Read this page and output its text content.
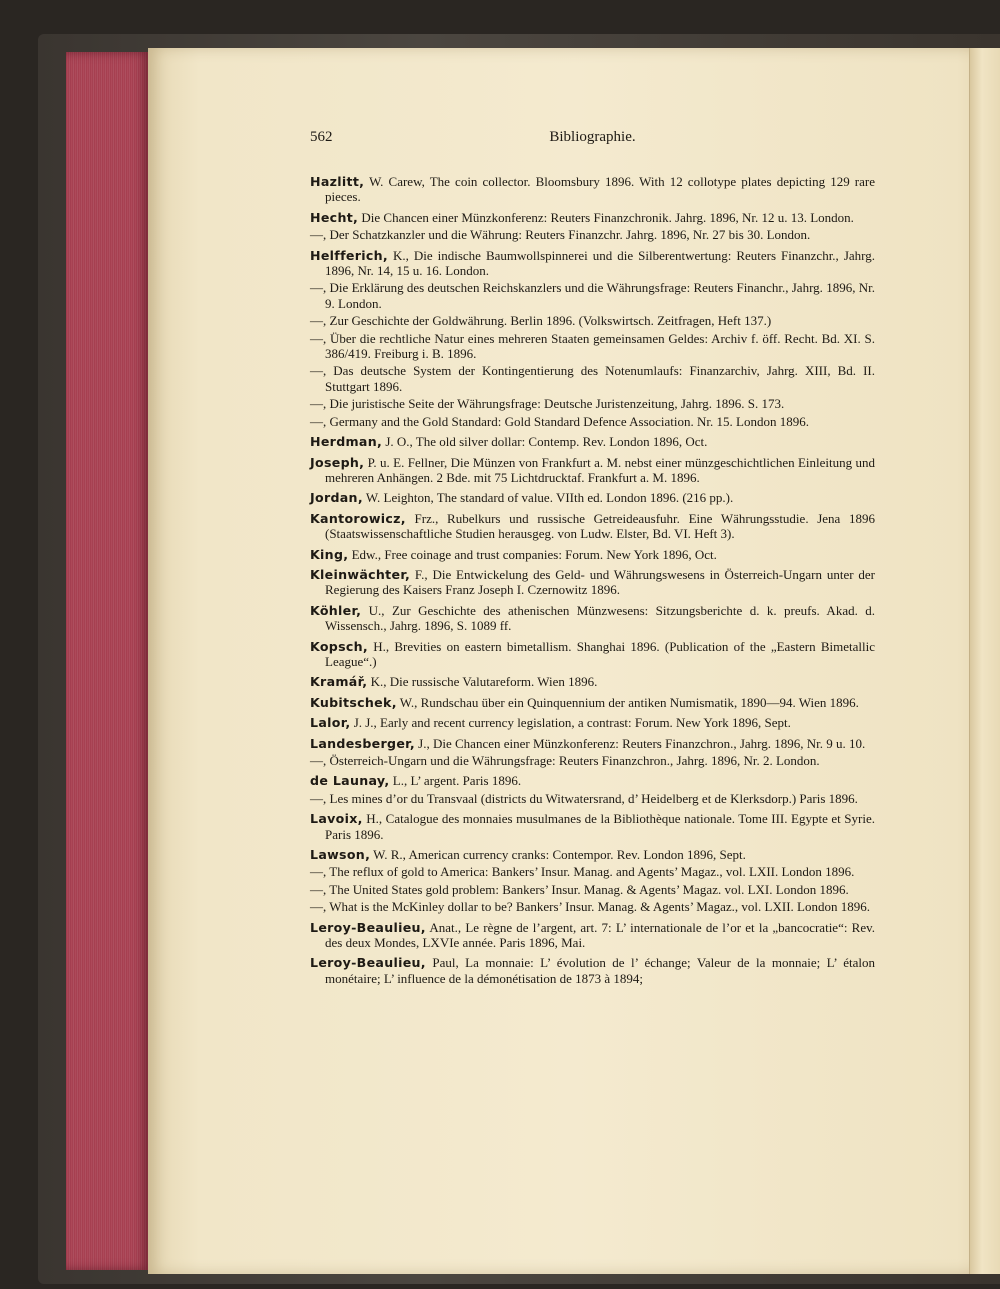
562	Bibliographie.

Hazlitt, W. Carew, The coin collector. Bloomsbury 1896. With 12 collotype plates depicting 129 rare pieces.

Hecht, Die Chancen einer Münzkonferenz: Reuters Finanzchronik. Jahrg. 1896, Nr. 12 u. 13. London.

—, Der Schatzkanzler und die Währung: Reuters Finanzchr. Jahrg. 1896, Nr. 27 bis 30. London.

Helfferich, K., Die indische Baumwollspinnerei und die Silberentwertung: Reuters Finanzchr., Jahrg. 1896, Nr. 14, 15 u. 16. London.

—, Die Erklärung des deutschen Reichskanzlers und die Währungsfrage: Reuters Financhr., Jahrg. 1896, Nr. 9. London.

—, Zur Geschichte der Goldwährung. Berlin 1896. (Volkswirtsch. Zeitfragen, Heft 137.)

—, Über die rechtliche Natur eines mehreren Staaten gemeinsamen Geldes: Archiv f. öff. Recht. Bd. XI. S. 386/419. Freiburg i. B. 1896.

—, Das deutsche System der Kontingentierung des Notenumlaufs: Finanzarchiv, Jahrg. XIII, Bd. II. Stuttgart 1896.

—, Die juristische Seite der Währungsfrage: Deutsche Juristenzeitung, Jahrg. 1896. S. 173.

—, Germany and the Gold Standard: Gold Standard Defence Association. Nr. 15. London 1896.

Herdman, J. O., The old silver dollar: Contemp. Rev. London 1896, Oct.

Joseph, P. u. E. Fellner, Die Münzen von Frankfurt a. M. nebst einer münzgeschichtlichen Einleitung und mehreren Anhängen. 2 Bde. mit 75 Lichtdrucktaf. Frankfurt a. M. 1896.

Jordan, W. Leighton, The standard of value. VIIth ed. London 1896. (216 pp.).

Kantorowicz, Frz., Rubelkurs und russische Getreideausfuhr. Eine Währungsstudie. Jena 1896 (Staatswissenschaftliche Studien herausgeg. von Ludw. Elster, Bd. VI. Heft 3).

King, Edw., Free coinage and trust companies: Forum. New York 1896, Oct.

Kleinwächter, F., Die Entwickelung des Geld- und Währungswesens in Österreich-Ungarn unter der Regierung des Kaisers Franz Joseph I. Czernowitz 1896.

Köhler, U., Zur Geschichte des athenischen Münzwesens: Sitzungsberichte d. k. preufs. Akad. d. Wissensch., Jahrg. 1896, S. 1089 ff.

Kopsch, H., Brevities on eastern bimetallism. Shanghai 1896. (Publication of the „Eastern Bimetallic League“.)

Kramář, K., Die russische Valutareform. Wien 1896.

Kubitschek, W., Rundschau über ein Quinquennium der antiken Numismatik, 1890—94. Wien 1896.

Lalor, J. J., Early and recent currency legislation, a contrast: Forum. New York 1896, Sept.

Landesberger, J., Die Chancen einer Münzkonferenz: Reuters Finanzchron., Jahrg. 1896, Nr. 9 u. 10.

—, Österreich-Ungarn und die Währungsfrage: Reuters Finanzchron., Jahrg. 1896, Nr. 2. London.

de Launay, L., L’ argent. Paris 1896.

—, Les mines d’or du Transvaal (districts du Witwatersrand, d’ Heidelberg et de Klerksdorp.) Paris 1896.

Lavoix, H., Catalogue des monnaies musulmanes de la Bibliothèque nationale. Tome III. Egypte et Syrie. Paris 1896.

Lawson, W. R., American currency cranks: Contempor. Rev. London 1896, Sept.

—, The reflux of gold to America: Bankers’ Insur. Manag. and Agents’ Magaz., vol. LXII. London 1896.

—, The United States gold problem: Bankers’ Insur. Manag. & Agents’ Magaz. vol. LXI. London 1896.

—, What is the McKinley dollar to be? Bankers’ Insur. Manag. & Agents’ Magaz., vol. LXII. London 1896.

Leroy-Beaulieu, Anat., Le règne de l’argent, art. 7: L’ internationale de l’or et la „bancocratie“: Rev. des deux Mondes, LXVIe année. Paris 1896, Mai.

Leroy-Beaulieu, Paul, La monnaie: L’ évolution de l’ échange; Valeur de la monnaie; L’ étalon monétaire; L’ influence de la démonétisation de 1873 à 1894;
